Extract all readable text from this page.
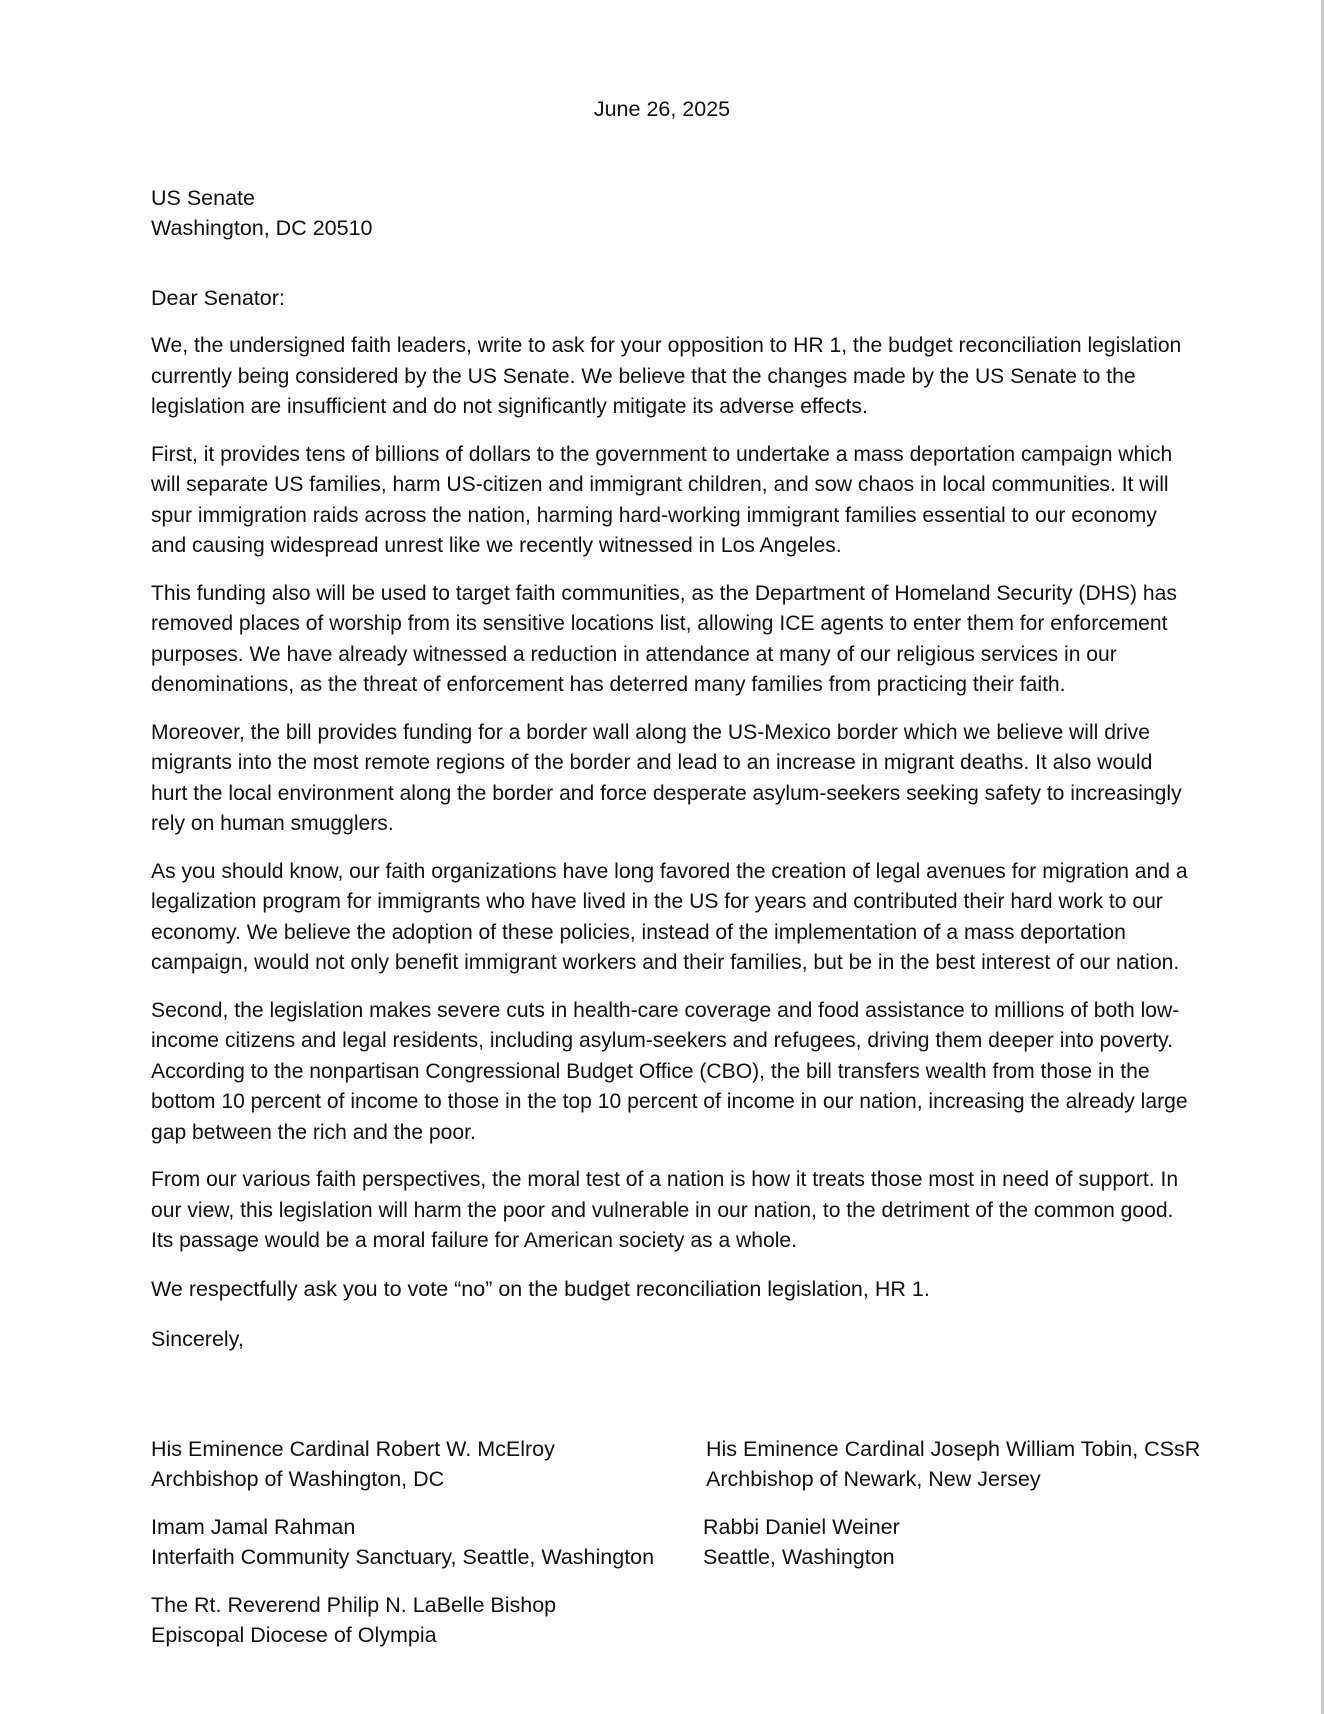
June 26, 2025
US Senate
Washington, DC 20510
Dear Senator:

We, the undersigned faith leaders, write to ask for your opposition to HR 1, the budget reconciliation legislation currently being considered by the US Senate. We believe that the changes made by the US Senate to the legislation are insufficient and do not significantly mitigate its adverse effects.

First, it provides tens of billions of dollars to the government to undertake a mass deportation campaign which will separate US families, harm US-citizen and immigrant children, and sow chaos in local communities. It will spur immigration raids across the nation, harming hard-working immigrant families essential to our economy and causing widespread unrest like we recently witnessed in Los Angeles.

This funding also will be used to target faith communities, as the Department of Homeland Security (DHS) has removed places of worship from its sensitive locations list, allowing ICE agents to enter them for enforcement purposes. We have already witnessed a reduction in attendance at many of our religious services in our denominations, as the threat of enforcement has deterred many families from practicing their faith.

Moreover, the bill provides funding for a border wall along the US-Mexico border which we believe will drive migrants into the most remote regions of the border and lead to an increase in migrant deaths. It also would hurt the local environment along the border and force desperate asylum-seekers seeking safety to increasingly rely on human smugglers.

As you should know, our faith organizations have long favored the creation of legal avenues for migration and a legalization program for immigrants who have lived in the US for years and contributed their hard work to our economy. We believe the adoption of these policies, instead of the implementation of a mass deportation campaign, would not only benefit immigrant workers and their families, but be in the best interest of our nation.

Second, the legislation makes severe cuts in health-care coverage and food assistance to millions of both low-income citizens and legal residents, including asylum-seekers and refugees, driving them deeper into poverty. According to the nonpartisan Congressional Budget Office (CBO), the bill transfers wealth from those in the bottom 10 percent of income to those in the top 10 percent of income in our nation, increasing the already large gap between the rich and the poor.

From our various faith perspectives, the moral test of a nation is how it treats those most in need of support. In our view, this legislation will harm the poor and vulnerable in our nation, to the detriment of the common good. Its passage would be a moral failure for American society as a whole.

We respectfully ask you to vote “no” on the budget reconciliation legislation, HR 1.

Sincerely,

His Eminence Cardinal Robert W. McElroy
Archbishop of Washington, DC
His Eminence Cardinal Joseph William Tobin, CSsR
Archbishop of Newark, New Jersey
Imam Jamal Rahman
Interfaith Community Sanctuary, Seattle, Washington
Rabbi Daniel Weiner
Seattle, Washington
The Rt. Reverend Philip N. LaBelle Bishop
Episcopal Diocese of Olympia
